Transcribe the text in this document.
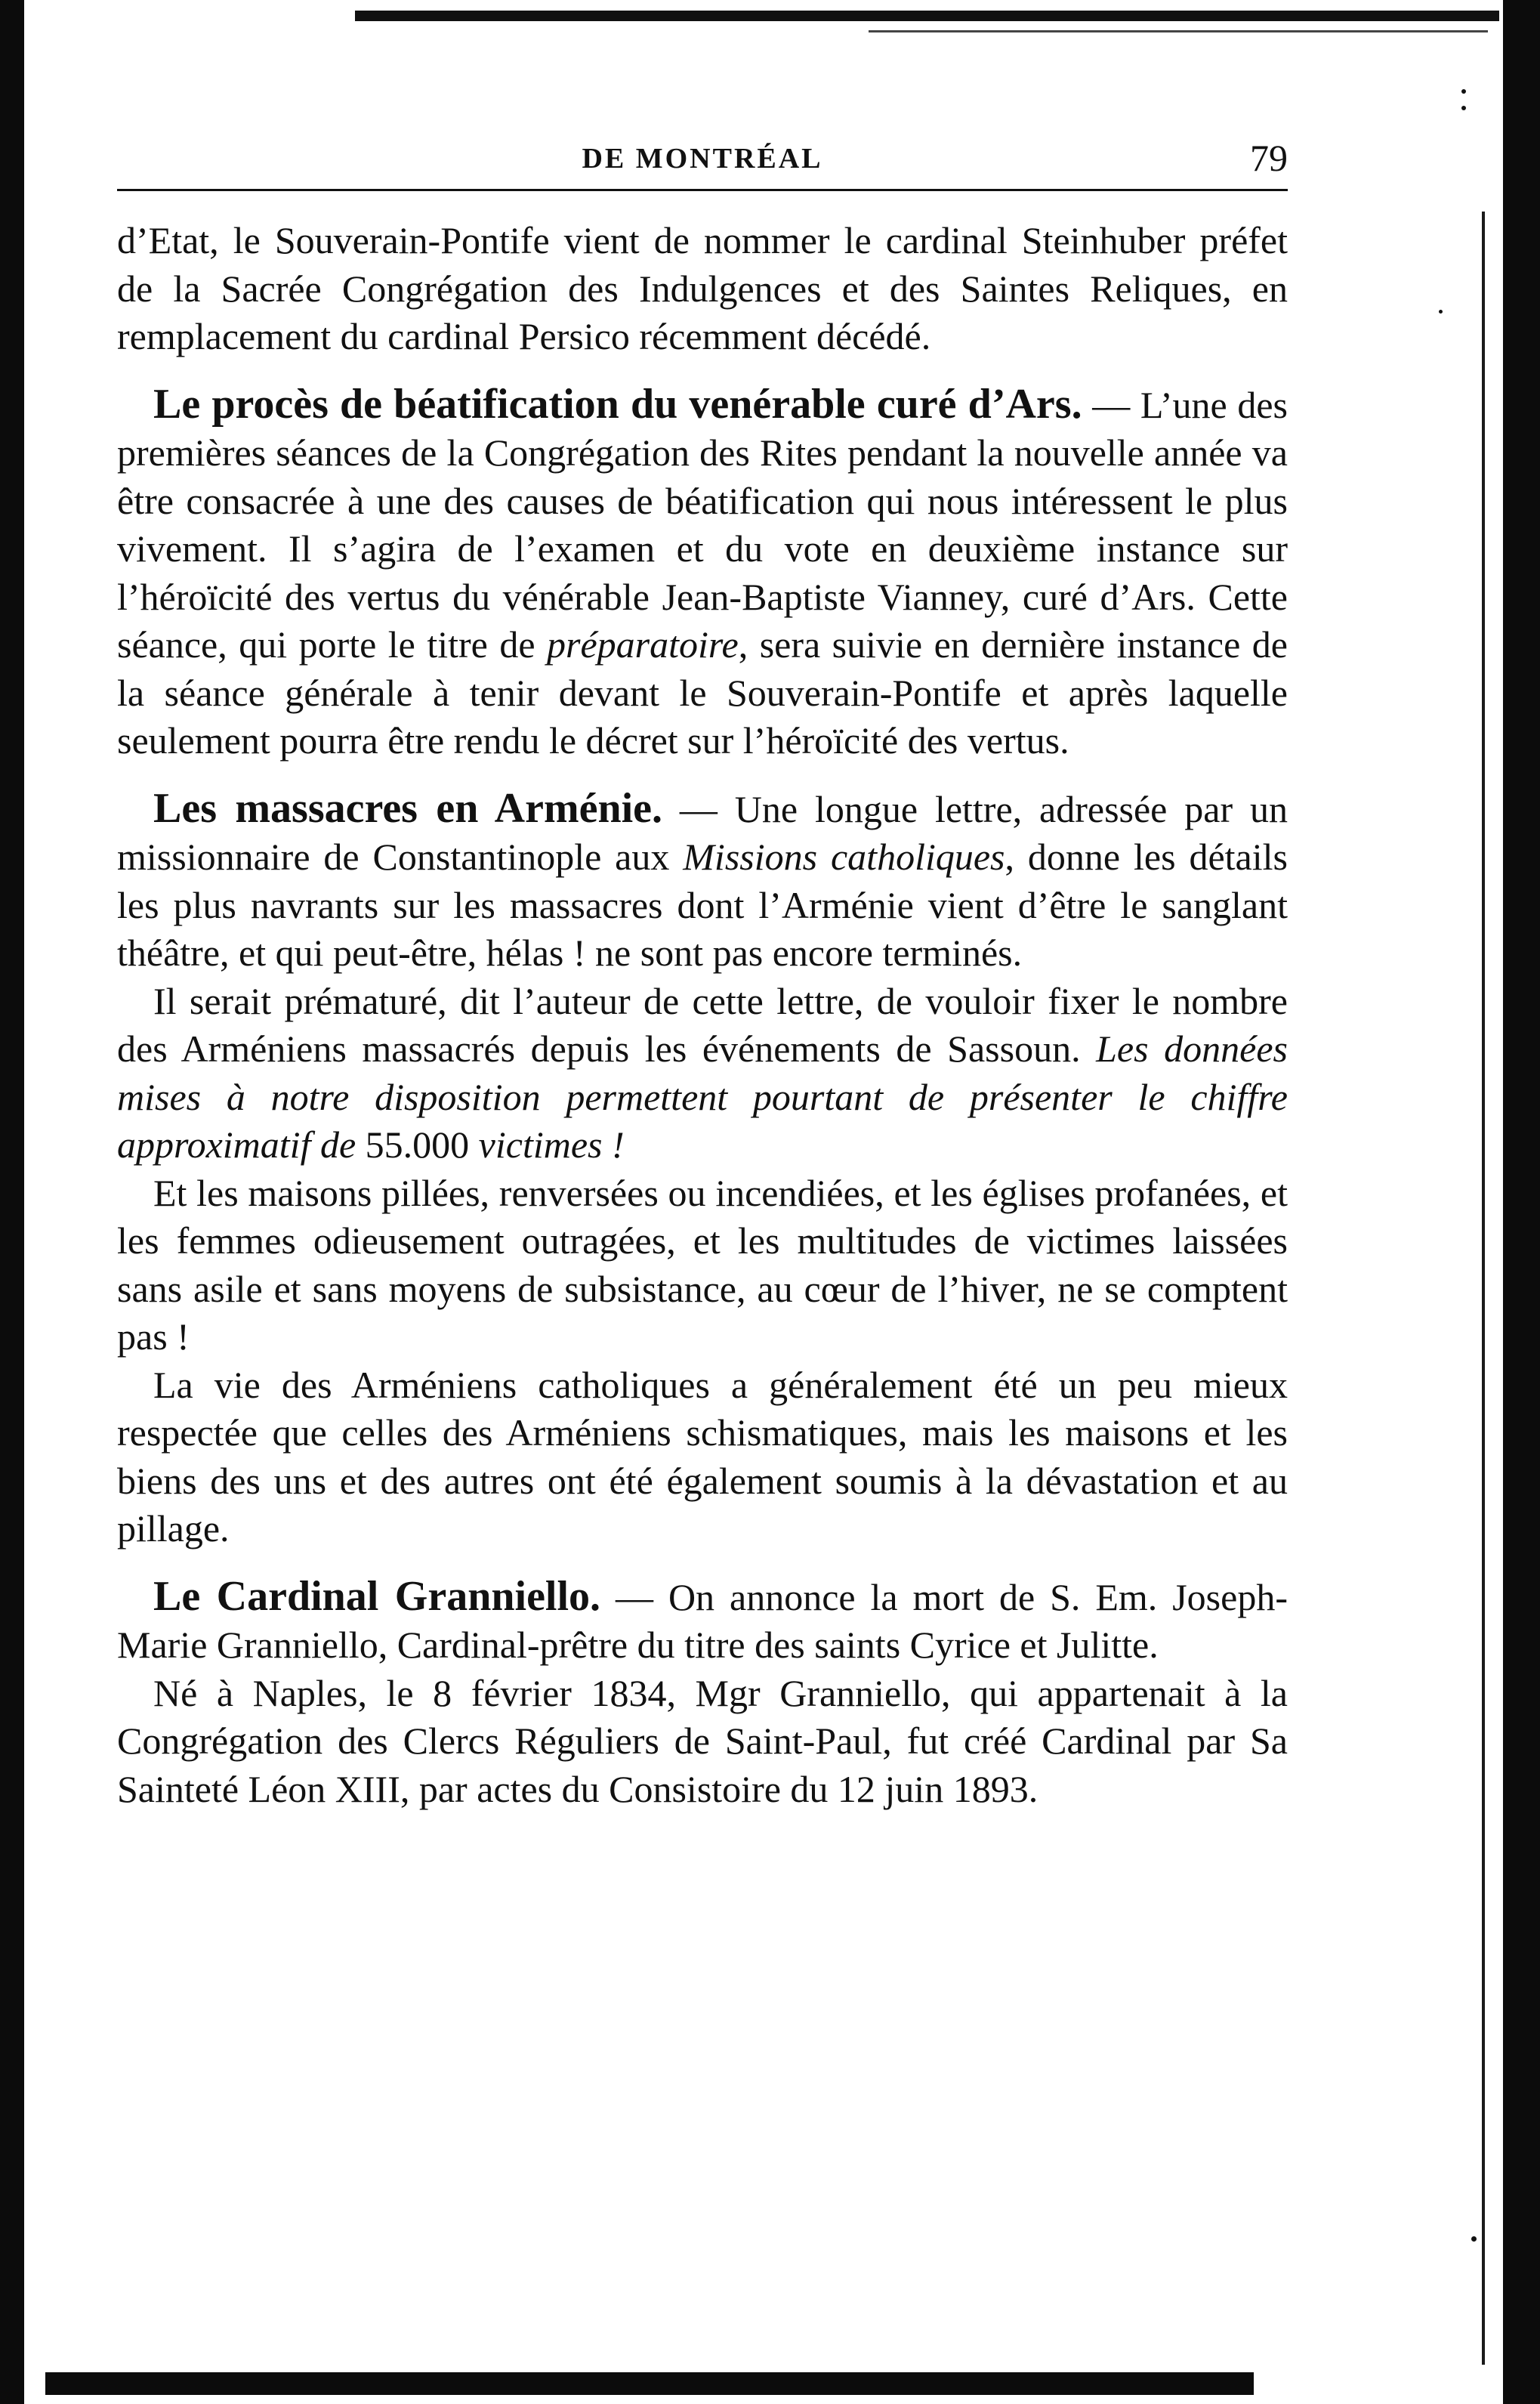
DE MONTRÉAL	79

d’Etat, le Souverain-Pontife vient de nommer le cardinal Steinhuber préfet de la Sacrée Congrégation des Indulgences et des Saintes Reliques, en remplacement du cardinal Persico récemment décédé.

Le procès de béatification du venérable curé d’Ars. — L’une des premières séances de la Congrégation des Rites pendant la nouvelle année va être consacrée à une des causes de béatification qui nous intéressent le plus vivement. Il s’agira de l’examen et du vote en deuxième instance sur l’héroïcité des vertus du vénérable Jean-Baptiste Vianney, curé d’Ars. Cette séance, qui porte le titre de préparatoire, sera suivie en dernière instance de la séance générale à tenir devant le Souverain-Pontife et après laquelle seulement pourra être rendu le décret sur l’héroïcité des vertus.

Les massacres en Arménie. — Une longue lettre, adressée par un missionnaire de Constantinople aux Missions catholiques, donne les détails les plus navrants sur les massacres dont l’Arménie vient d’être le sanglant théâtre, et qui peut-être, hélas ! ne sont pas encore terminés.

Il serait prématuré, dit l’auteur de cette lettre, de vouloir fixer le nombre des Arméniens massacrés depuis les événements de Sassoun. Les données mises à notre disposition permettent pourtant de présenter le chiffre approximatif de 55.000 victimes !

Et les maisons pillées, renversées ou incendiées, et les églises profanées, et les femmes odieusement outragées, et les multitudes de victimes laissées sans asile et sans moyens de subsistance, au cœur de l’hiver, ne se comptent pas !

La vie des Arméniens catholiques a généralement été un peu mieux respectée que celles des Arméniens schismatiques, mais les maisons et les biens des uns et des autres ont été également soumis à la dévastation et au pillage.

Le Cardinal Granniello. — On annonce la mort de S. Em. Joseph-Marie Granniello, Cardinal-prêtre du titre des saints Cyrice et Julitte.

Né à Naples, le 8 février 1834, Mgr Granniello, qui appartenait à la Congrégation des Clercs Réguliers de Saint-Paul, fut créé Cardinal par Sa Sainteté Léon XIII, par actes du Consistoire du 12 juin 1893.
